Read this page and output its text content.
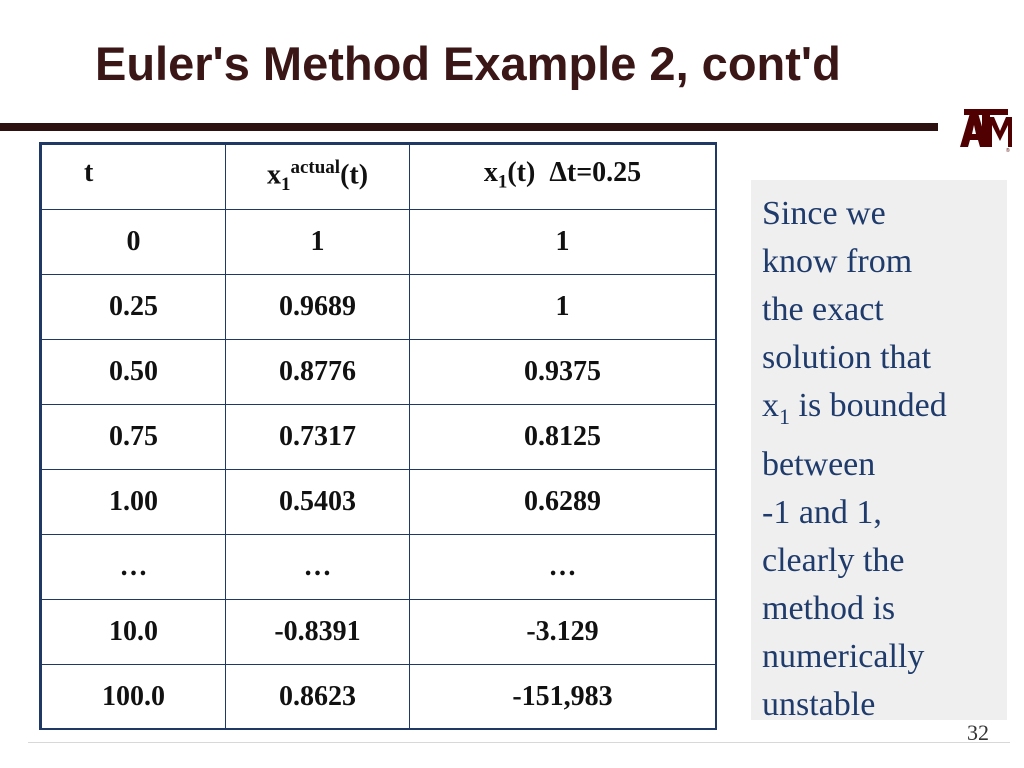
Euler's Method Example 2, cont'd
®
t	$x_1^{actual}(t)$	$x_1(t)$ Δt=0.25
0	1	1
0.25	0.9689	1
0.50	0.8776	0.9375
0.75	0.7317	0.8125
1.00	0.5403	0.6289
…	…	…
10.0	-0.8391	-3.129
100.0	0.8623	-151,983
Since we
know from
the exact
solution that
$x_1$ is bounded
between
-1 and 1,
clearly the
method is
numerically
unstable
32
